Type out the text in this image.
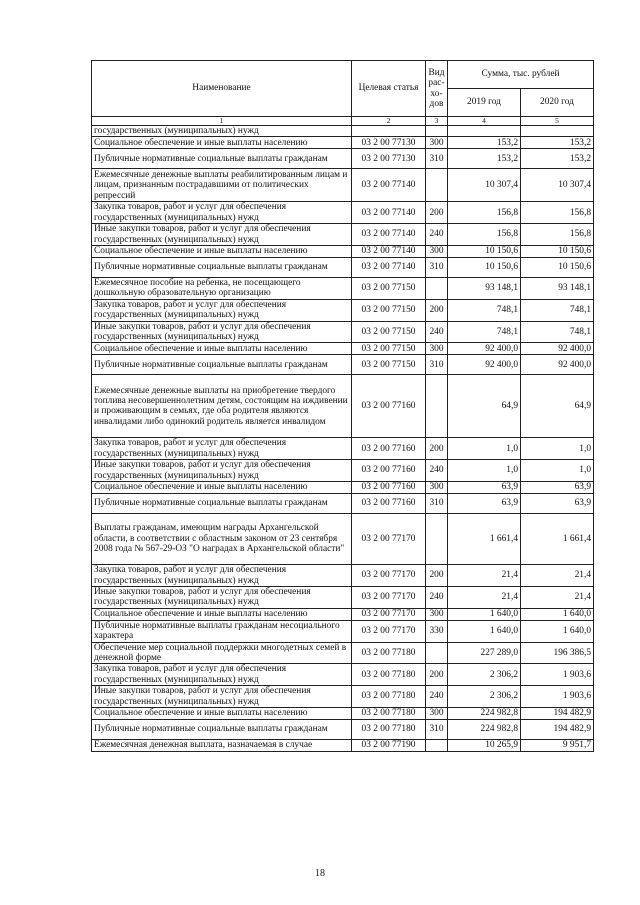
Наименование	Целевая статья	Вид рас-хо-дов	Сумма, тыс. рублей	
			2019 год	2020 год
1	2	3	4	5
государственных (муниципальных) нужд				
Социальное обеспечение и иные выплаты населению	03 2 00 77130	300	153,2	153,2
Публичные нормативные социальные выплаты гражданам	03 2 00 77130	310	153,2	153,2
Ежемесячные денежные выплаты реабилитированным лицам и лицам, признанным пострадавшими от политических репрессий	03 2 00 77140		10 307,4	10 307,4
Закупка товаров, работ и услуг для обеспечения государственных (муниципальных) нужд	03 2 00 77140	200	156,8	156,8
Иные закупки товаров, работ и услуг для обеспечения государственных (муниципальных) нужд	03 2 00 77140	240	156,8	156,8
Социальное обеспечение и иные выплаты населению	03 2 00 77140	300	10 150,6	10 150,6
Публичные нормативные социальные выплаты гражданам	03 2 00 77140	310	10 150,6	10 150,6
Ежемесячное пособие на ребенка, не посещающего дошкольную образовательную организацию	03 2 00 77150		93 148,1	93 148,1
Закупка товаров, работ и услуг для обеспечения государственных (муниципальных) нужд	03 2 00 77150	200	748,1	748,1
Иные закупки товаров, работ и услуг для обеспечения государственных (муниципальных) нужд	03 2 00 77150	240	748,1	748,1
Социальное обеспечение и иные выплаты населению	03 2 00 77150	300	92 400,0	92 400,0
Публичные нормативные социальные выплаты гражданам	03 2 00 77150	310	92 400,0	92 400,0
Ежемесячные денежные выплаты на приобретение твердого топлива несовершеннолетним детям, состоящим на иждивении и проживающим в семьях, где оба родителя являются инвалидами либо одинокий родитель является инвалидом	03 2 00 77160		64,9	64,9
Закупка товаров, работ и услуг для обеспечения государственных (муниципальных) нужд	03 2 00 77160	200	1,0	1,0
Иные закупки товаров, работ и услуг для обеспечения государственных (муниципальных) нужд	03 2 00 77160	240	1,0	1,0
Социальное обеспечение и иные выплаты населению	03 2 00 77160	300	63,9	63,9
Публичные нормативные социальные выплаты гражданам	03 2 00 77160	310	63,9	63,9
Выплаты гражданам, имеющим награды Архангельской области, в соответствии с областным законом от 23 сентября 2008 года № 567-29-ОЗ "О наградах в Архангельской области"	03 2 00 77170		1 661,4	1 661,4
Закупка товаров, работ и услуг для обеспечения государственных (муниципальных) нужд	03 2 00 77170	200	21,4	21,4
Иные закупки товаров, работ и услуг для обеспечения государственных (муниципальных) нужд	03 2 00 77170	240	21,4	21,4
Социальное обеспечение и иные выплаты населению	03 2 00 77170	300	1 640,0	1 640,0
Публичные нормативные выплаты гражданам несоциального характера	03 2 00 77170	330	1 640,0	1 640,0
Обеспечение мер социальной поддержки многодетных семей в денежной форме	03 2 00 77180		227 289,0	196 386,5
Закупка товаров, работ и услуг для обеспечения государственных (муниципальных) нужд	03 2 00 77180	200	2 306,2	1 903,6
Иные закупки товаров, работ и услуг для обеспечения государственных (муниципальных) нужд	03 2 00 77180	240	2 306,2	1 903,6
Социальное обеспечение и иные выплаты населению	03 2 00 77180	300	224 982,8	194 482,9
Публичные нормативные социальные выплаты гражданам	03 2 00 77180	310	224 982,8	194 482,9
Ежемесячная денежная выплата, назначаемая в случае	03 2 00 77190		10 265,9	9 951,7
18
